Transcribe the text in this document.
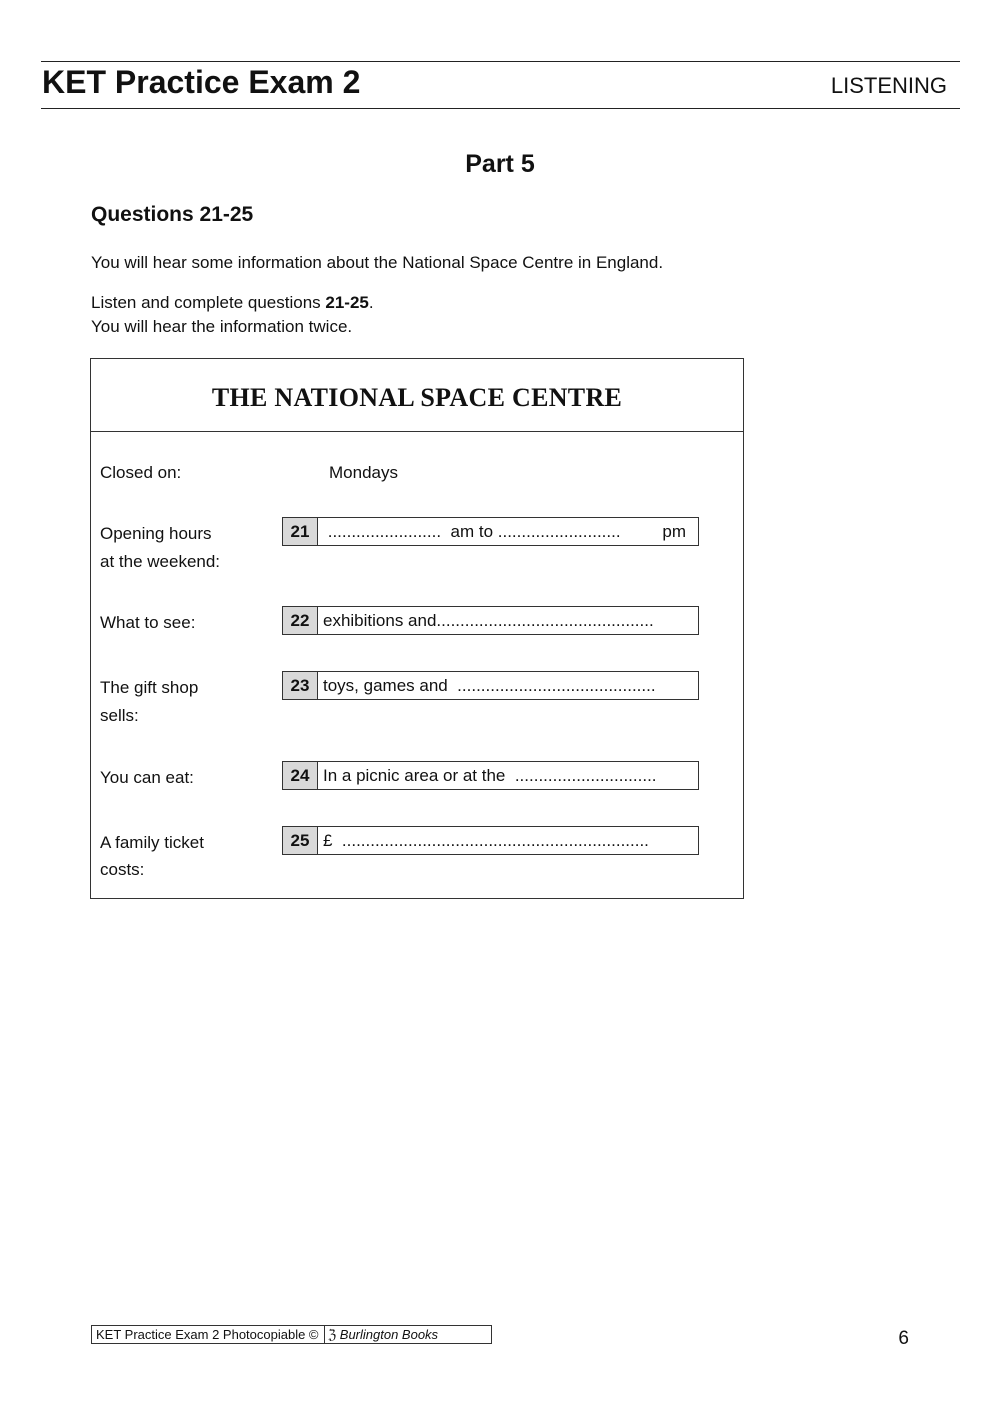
KET Practice Exam 2	LISTENING
Part 5
Questions 21-25
You will hear some information about the National Space Centre in England.
Listen and complete questions 21-25.
You will hear the information twice.
THE NATIONAL SPACE CENTRE
Closed on:	Mondays
Opening hours
at the weekend:
21 ........................  am to .......................... pm
What to see:	22 exhibitions and..............................................
The gift shop
sells:
23 toys, games and  ..........................................
You can eat:	24 In a picnic area or at the  ..............................
A family ticket
costs:
25 £  .................................................................
KET Practice Exam 2 Photocopiable © ℨ Burlington Books	6
